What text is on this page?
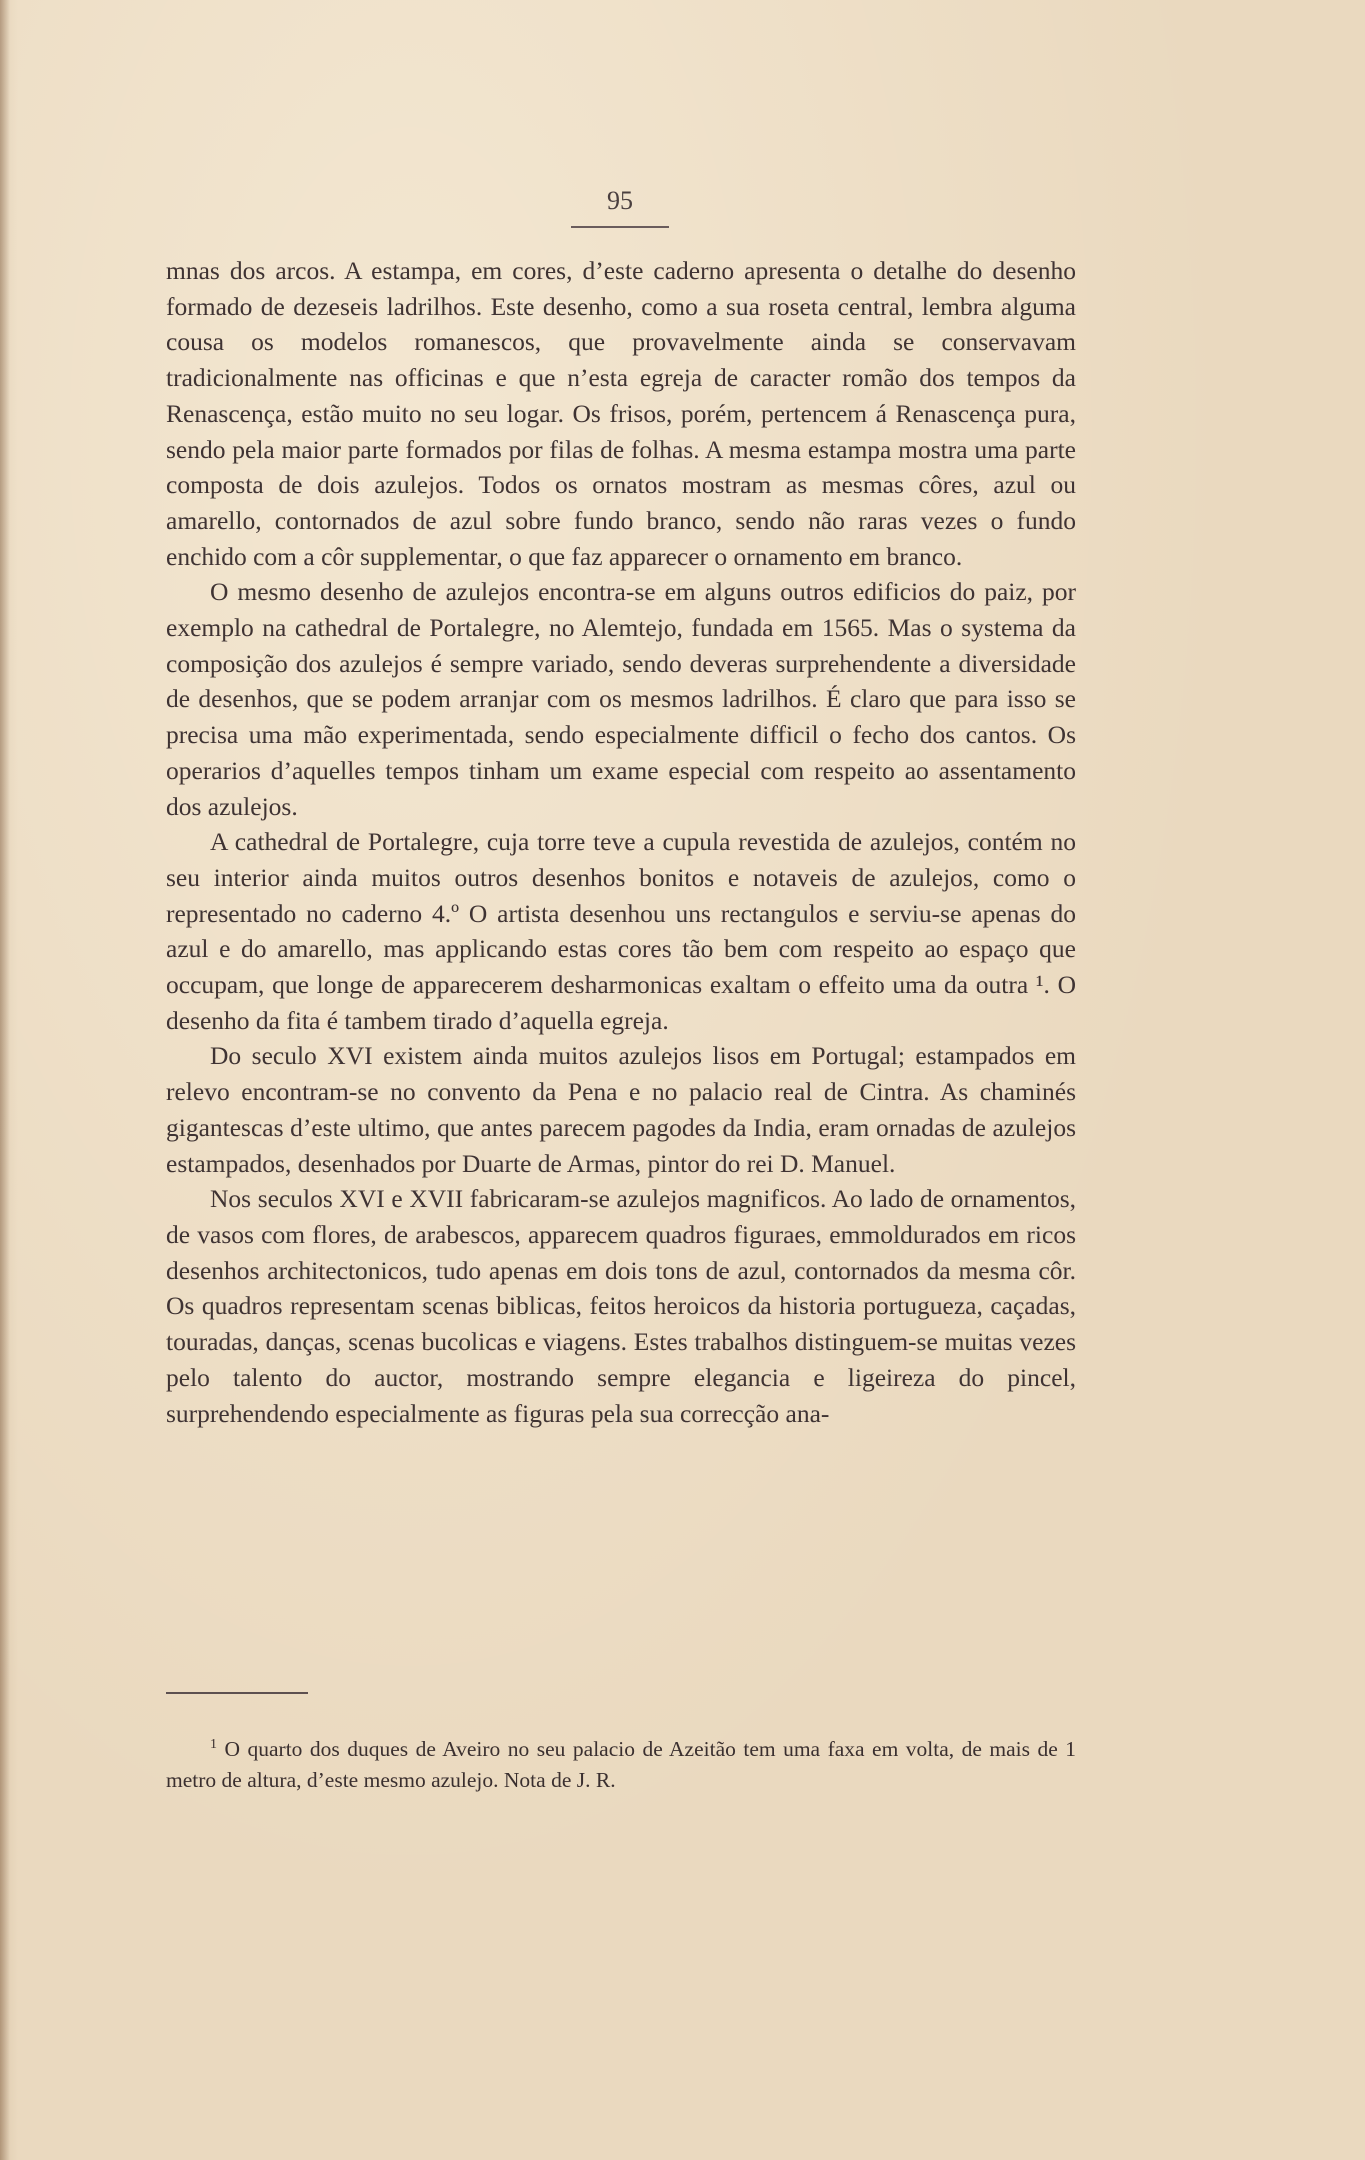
95

mnas dos arcos. A estampa, em cores, d’este caderno apresenta o detalhe do desenho formado de dezeseis ladrilhos. Este desenho, como a sua roseta central, lembra alguma cousa os modelos romanescos, que provavelmente ainda se conservavam tradicionalmente nas officinas e que n’esta egreja de caracter romão dos tempos da Renascença, estão muito no seu logar. Os frisos, porém, pertencem á Renascença pura, sendo pela maior parte formados por filas de folhas. A mesma estampa mostra uma parte composta de dois azulejos. Todos os ornatos mostram as mesmas côres, azul ou amarello, contornados de azul sobre fundo branco, sendo não raras vezes o fundo enchido com a côr supplementar, o que faz apparecer o ornamento em branco.

O mesmo desenho de azulejos encontra-se em alguns outros edificios do paiz, por exemplo na cathedral de Portalegre, no Alemtejo, fundada em 1565. Mas o systema da composição dos azulejos é sempre variado, sendo deveras surprehendente a diversidade de desenhos, que se podem arranjar com os mesmos ladrilhos. É claro que para isso se precisa uma mão experimentada, sendo especialmente difficil o fecho dos cantos. Os operarios d’aquelles tempos tinham um exame especial com respeito ao assentamento dos azulejos.

A cathedral de Portalegre, cuja torre teve a cupula revestida de azulejos, contém no seu interior ainda muitos outros desenhos bonitos e notaveis de azulejos, como o representado no caderno 4.º O artista desenhou uns rectangulos e serviu-se apenas do azul e do amarello, mas applicando estas cores tão bem com respeito ao espaço que occupam, que longe de apparecerem desharmonicas exaltam o effeito uma da outra ¹. O desenho da fita é tambem tirado d’aquella egreja.

Do seculo XVI existem ainda muitos azulejos lisos em Portugal; estampados em relevo encontram-se no convento da Pena e no palacio real de Cintra. As chaminés gigantescas d’este ultimo, que antes parecem pagodes da India, eram ornadas de azulejos estampados, desenhados por Duarte de Armas, pintor do rei D. Manuel.

Nos seculos XVI e XVII fabricaram-se azulejos magnificos. Ao lado de ornamentos, de vasos com flores, de arabescos, apparecem quadros figuraes, emmoldurados em ricos desenhos architectonicos, tudo apenas em dois tons de azul, contornados da mesma côr. Os quadros representam scenas biblicas, feitos heroicos da historia portugueza, caçadas, touradas, danças, scenas bucolicas e viagens. Estes trabalhos distinguem-se muitas vezes pelo talento do auctor, mostrando sempre elegancia e ligeireza do pincel, surprehendendo especialmente as figuras pela sua correcção ana-

$^1$ O quarto dos duques de Aveiro no seu palacio de Azeitão tem uma faxa em volta, de mais de 1 metro de altura, d’este mesmo azulejo. Nota de J. R.
